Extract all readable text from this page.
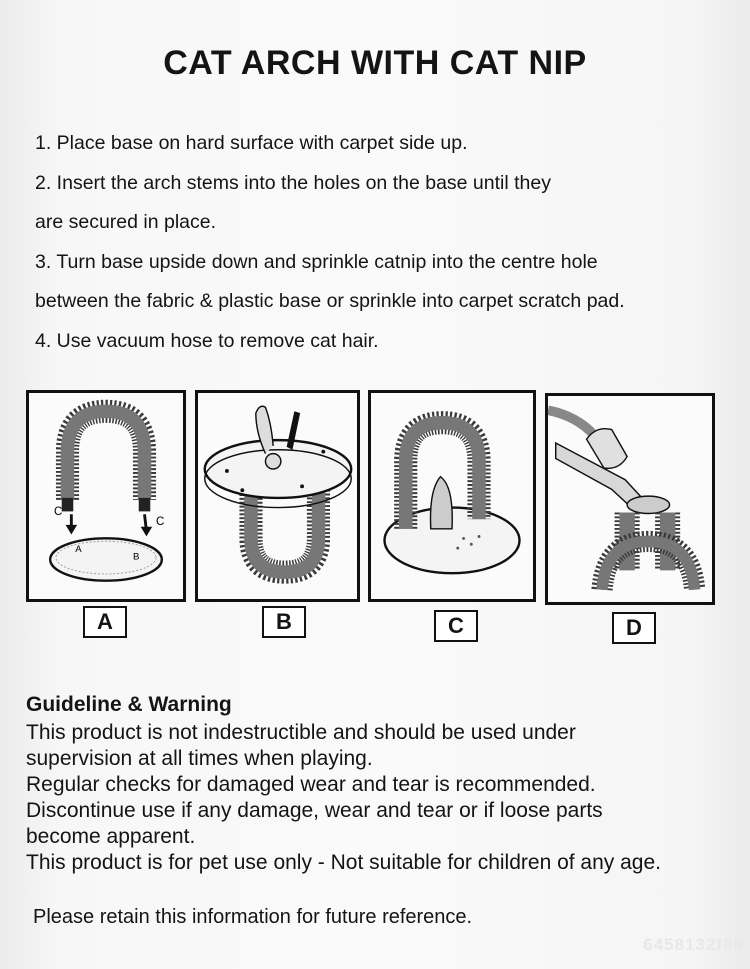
CAT ARCH WITH CAT NIP
1. Place base on hard surface with carpet side up.
2. Insert the arch stems into the holes on the base until they
are secured in place.
3. Turn base upside down and sprinkle catnip into the centre hole
between the fabric & plastic base or sprinkle into carpet scratch pad.
4. Use vacuum hose to remove cat hair.
C
C
A
B
A	B	C	D
Guideline & Warning
This product is not indestructible and should be used under
supervision at all times when playing.
Regular checks for damaged wear and tear is recommended.
Discontinue use if any damage, wear and tear or if loose parts
become apparent.
This product is for pet use only - Not suitable for children of any age.
Please retain this information for future reference.
6458132f86
